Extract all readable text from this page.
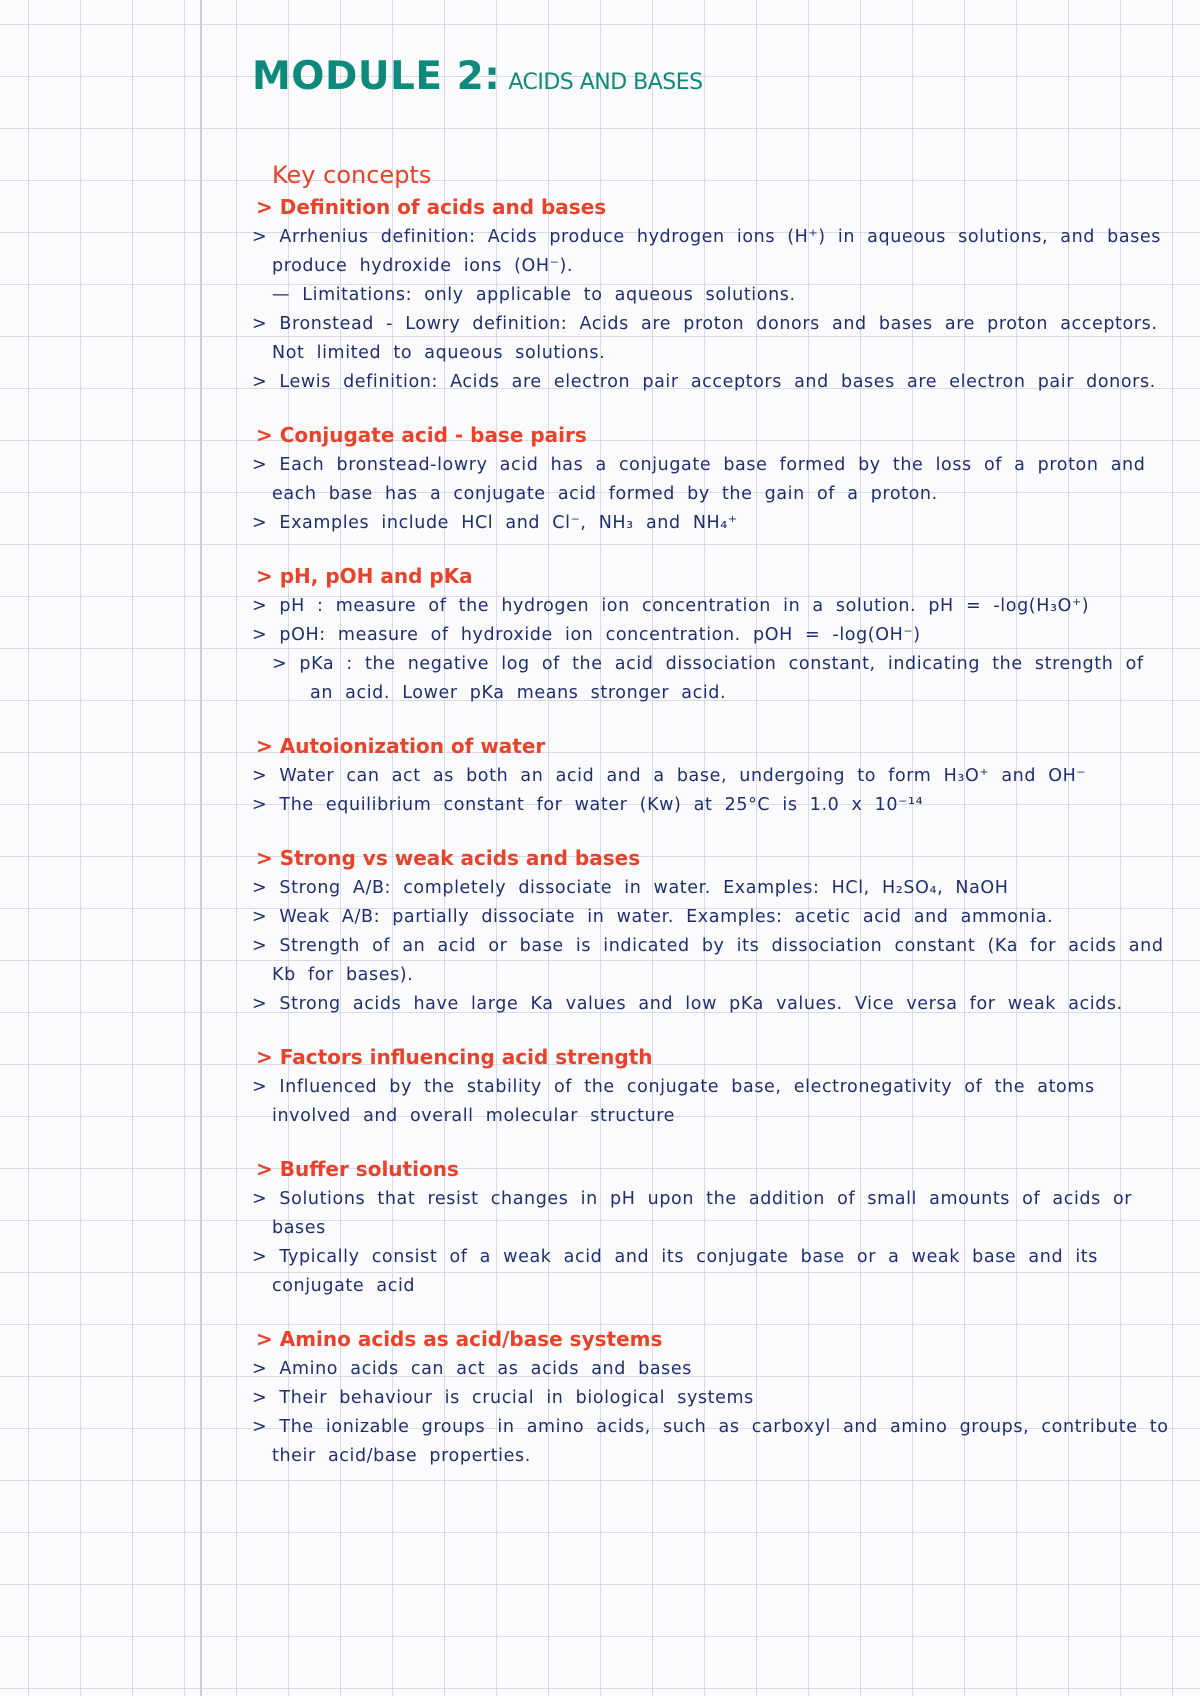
MODULE 2: ACIDS AND BASES
Key concepts
> Definition of acids and bases

> Arrhenius definition: Acids produce hydrogen ions (H⁺) in aqueous solutions, and bases produce hydroxide ions (OH⁻).

— Limitations: only applicable to aqueous solutions.

> Bronstead - Lowry definition: Acids are proton donors and bases are proton acceptors. Not limited to aqueous solutions.

> Lewis definition: Acids are electron pair acceptors and bases are electron pair donors.

> Conjugate acid - base pairs

> Each bronstead-lowry acid has a conjugate base formed by the loss of a proton and each base has a conjugate acid formed by the gain of a proton.

> Examples include HCl and Cl⁻, NH₃ and NH₄⁺

> pH, pOH and pKa

> pH : measure of the hydrogen ion concentration in a solution. pH = -log(H₃O⁺)

> pOH: measure of hydroxide ion concentration. pOH = -log(OH⁻)

> pKa : the negative log of the acid dissociation constant, indicating the strength of an acid. Lower pKa means stronger acid.

> Autoionization of water

> Water can act as both an acid and a base, undergoing to form H₃O⁺ and OH⁻

> The equilibrium constant for water (Kw) at 25°C is 1.0 x 10⁻¹⁴

> Strong vs weak acids and bases

> Strong A/B: completely dissociate in water. Examples: HCl, H₂SO₄, NaOH

> Weak A/B: partially dissociate in water. Examples: acetic acid and ammonia.

> Strength of an acid or base is indicated by its dissociation constant (Ka for acids and Kb for bases).

> Strong acids have large Ka values and low pKa values. Vice versa for weak acids.

> Factors influencing acid strength

> Influenced by the stability of the conjugate base, electronegativity of the atoms involved and overall molecular structure

> Buffer solutions

> Solutions that resist changes in pH upon the addition of small amounts of acids or bases

> Typically consist of a weak acid and its conjugate base or a weak base and its conjugate acid

> Amino acids as acid/base systems

> Amino acids can act as acids and bases

> Their behaviour is crucial in biological systems

> The ionizable groups in amino acids, such as carboxyl and amino groups, contribute to their acid/base properties.
